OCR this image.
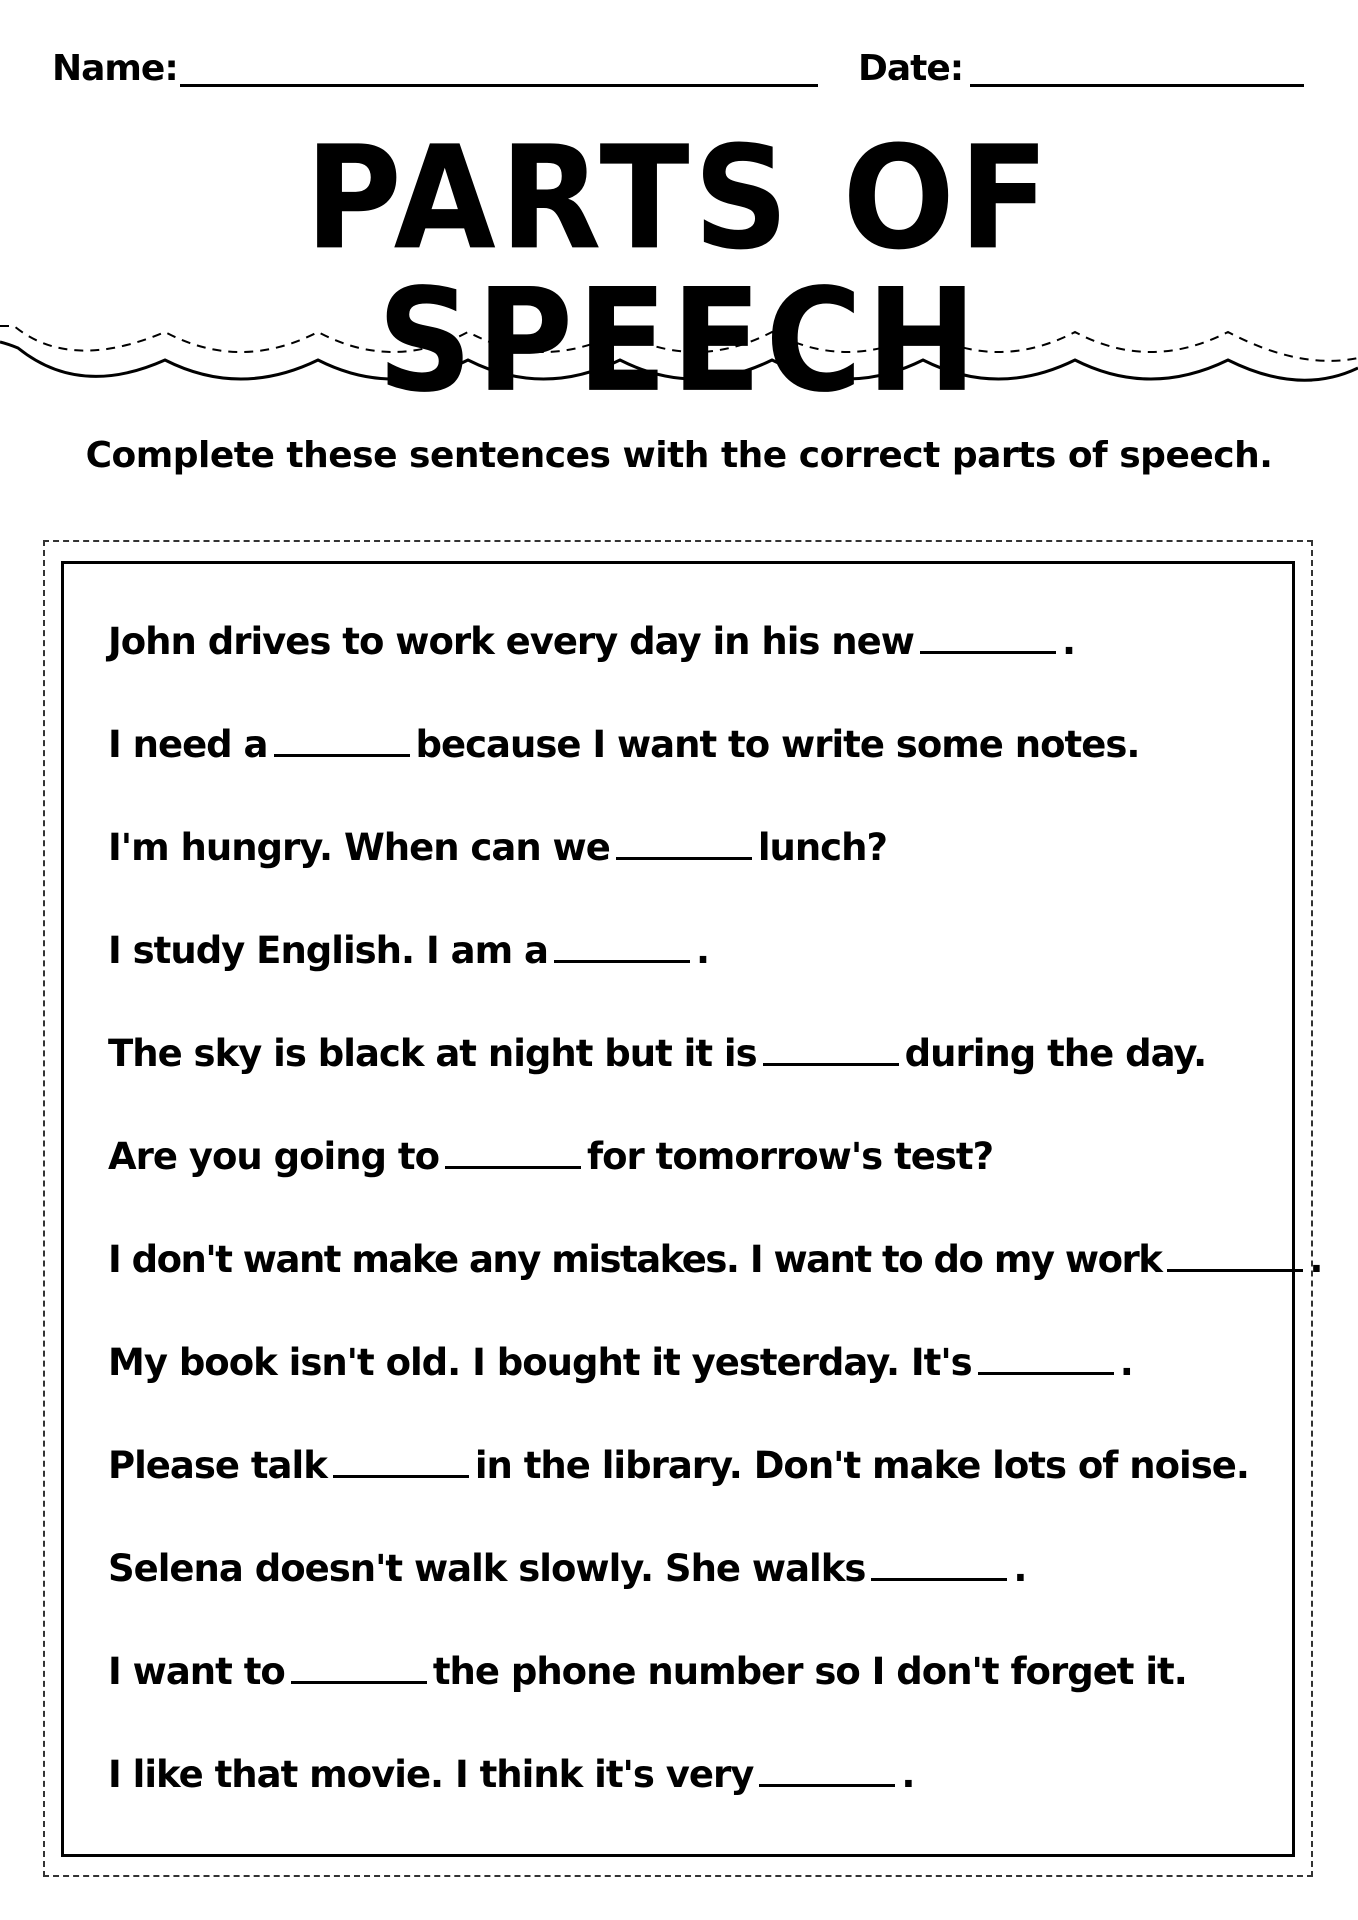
Name:	Date:
PARTS OF SPEECH
Complete these sentences with the correct parts of speech.
John drives to work every day in his new	.
I need a	because I want to write some notes.
I'm hungry. When can we	lunch?
I study English. I am a	.
The sky is black at night but it is	during the day.
Are you going to	for tomorrow's test?
I don't want make any mistakes. I want to do my work	.
My book isn't old. I bought it yesterday. It's	.
Please talk	in the library. Don't make lots of noise.
Selena doesn't walk slowly. She walks	.
I want to	the phone number so I don't forget it.
I like that movie. I think it's very	.
